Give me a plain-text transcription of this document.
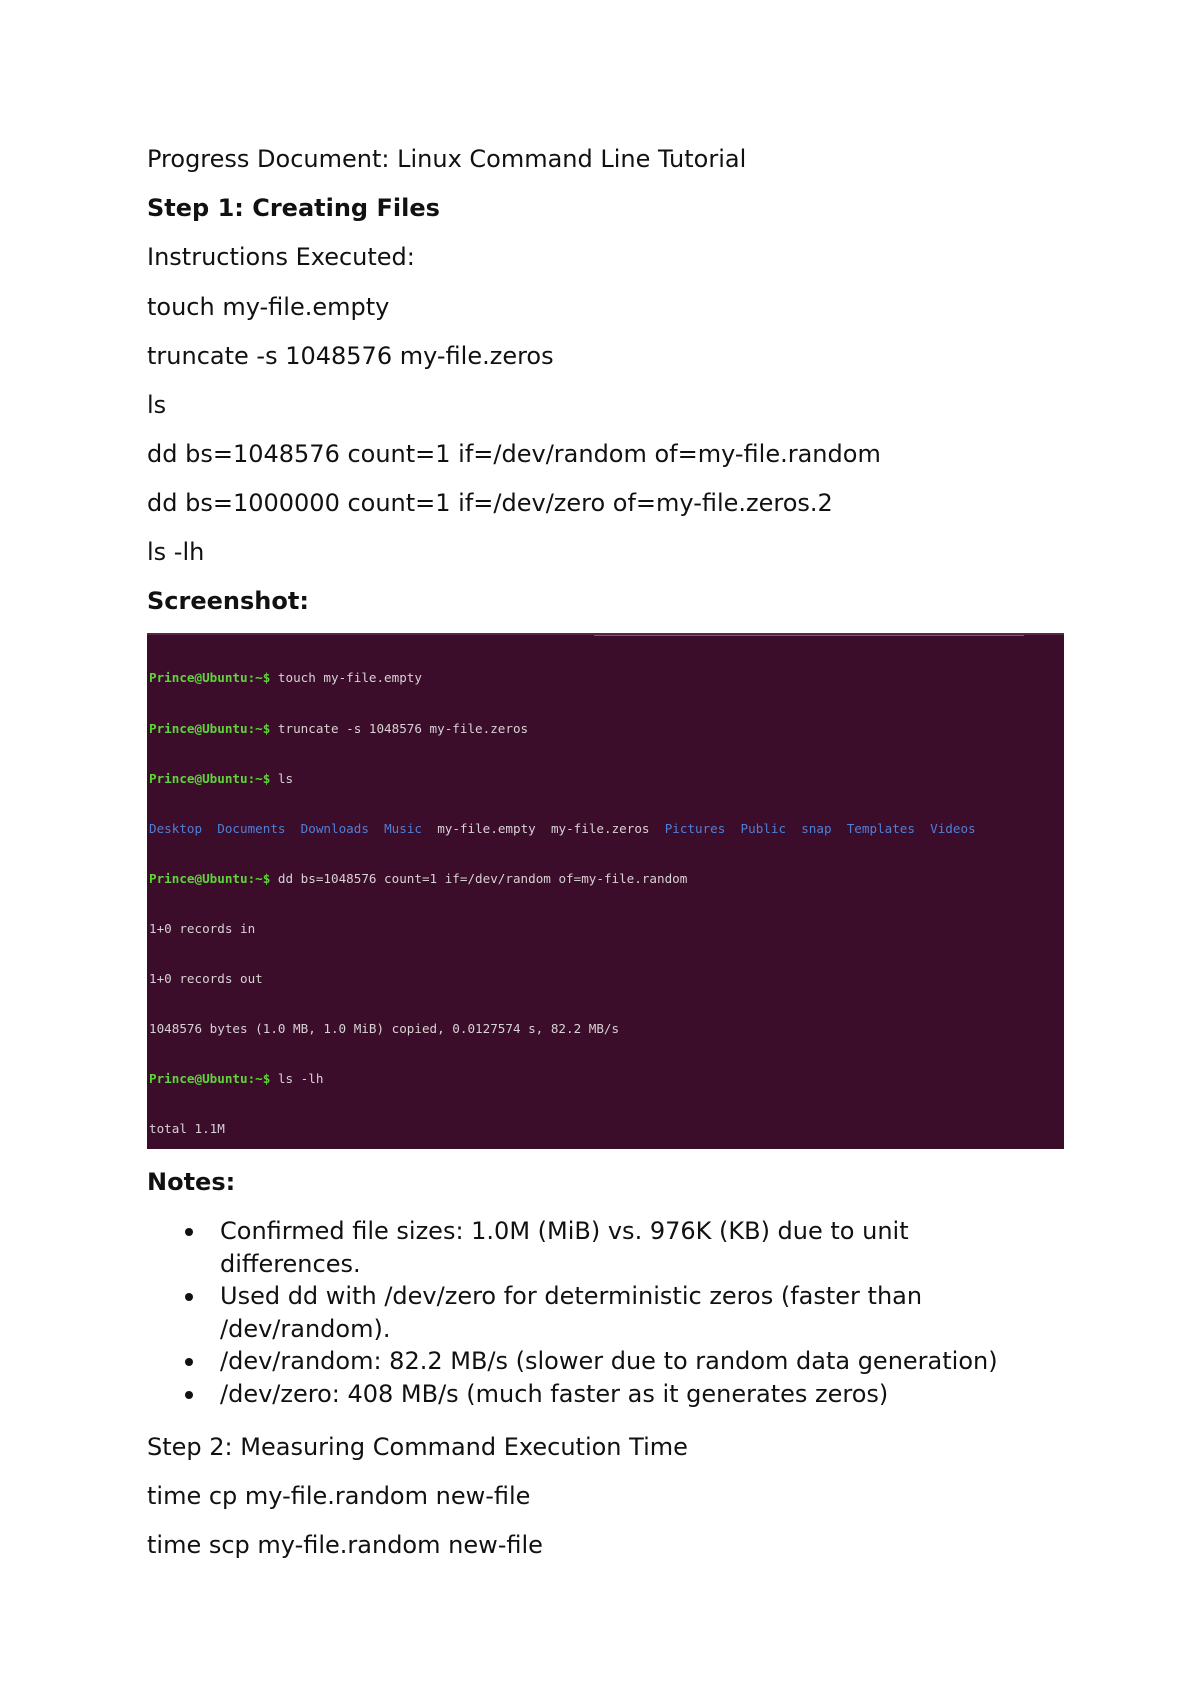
Progress Document: Linux Command Line Tutorial
Step 1: Creating Files
Instructions Executed:
touch my-file.empty
truncate -s 1048576 my-file.zeros
ls
dd bs=1048576 count=1 if=/dev/random of=my-file.random
dd bs=1000000 count=1 if=/dev/zero of=my-file.zeros.2
ls -lh
Screenshot:

Prince@Ubuntu:~$ touch my-file.empty

Prince@Ubuntu:~$ truncate -s 1048576 my-file.zeros

Prince@Ubuntu:~$ ls

Desktop Documents Downloads Music my-file.empty my-file.zeros Pictures Public snap Templates Videos

Prince@Ubuntu:~$ dd bs=1048576 count=1 if=/dev/random of=my-file.random

1+0 records in

1+0 records out

1048576 bytes (1.0 MB, 1.0 MiB) copied, 0.0127574 s, 82.2 MB/s

Prince@Ubuntu:~$ ls -lh

total 1.1M

Notes:
Confirmed file sizes: 1.0M (MiB) vs. 976K (KB) due to unit differences.
Used dd with /dev/zero for deterministic zeros (faster than /dev/random).
/dev/random: 82.2 MB/s (slower due to random data generation)
/dev/zero: 408 MB/s (much faster as it generates zeros)
Step 2: Measuring Command Execution Time
time cp my-file.random new-file
time scp my-file.random new-file
